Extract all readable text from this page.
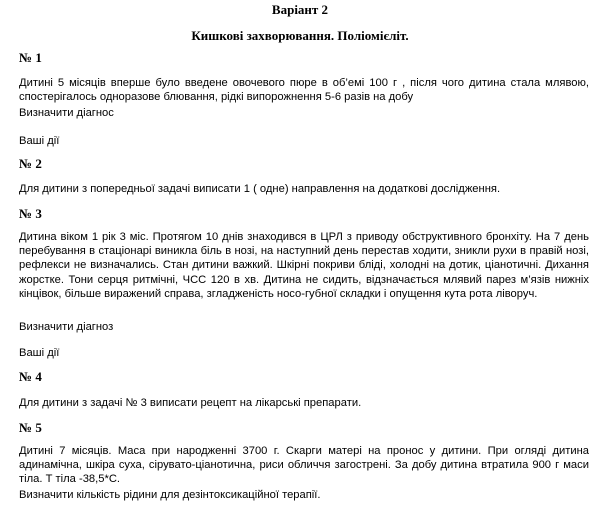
Варіант 2
Кишкові захворювання. Поліомієліт.
№ 1
Дитині 5 місяців вперше було введене овочевого пюре в об’емі 100 г , після чого дитина стала млявою, спостерігалось одноразове блювання, рідкі випорожнення 5-6 разів на добу
Визначити діагнос
Ваші дії
№ 2
Для дитини з попередньої задачі виписати 1 ( одне) направлення на додаткові дослідження.
№ 3
Дитина віком 1 рік 3 міс. Протягом 10 днів знаходився в ЦРЛ з приводу обструктивного бронхіту. На 7 день перебування в стаціонарі виникла біль в нозі, на наступний день перестав ходити, зникли рухи в правій нозі, рефлекси не визначались. Стан дитини важкий. Шкірні покриви бліді, холодні на дотик, ціанотичні. Дихання жорстке. Тони серця ритмічні, ЧСС 120 в хв. Дитина не сидить, відзначається млявий парез м’язів нижніх кінцівок, більше виражений справа, згладженість носо-губної складки і опущення кута рота ліворуч.
Визначити діагноз
Ваші дії
№ 4
Для дитини з задачі № 3 виписати рецепт на лікарські препарати.
№ 5
Дитині 7 місяців. Маса при народженні 3700 г. Скарги матері на пронос у дитини. При огляді дитина адинамічна, шкіра суха, сірувато-ціанотична, риси обличчя загострені. За добу дитина втратила 900 г маси тіла. Т тіла -38,5*С.
Визначити кількість рідини для дезінтоксикаційної терапії.
